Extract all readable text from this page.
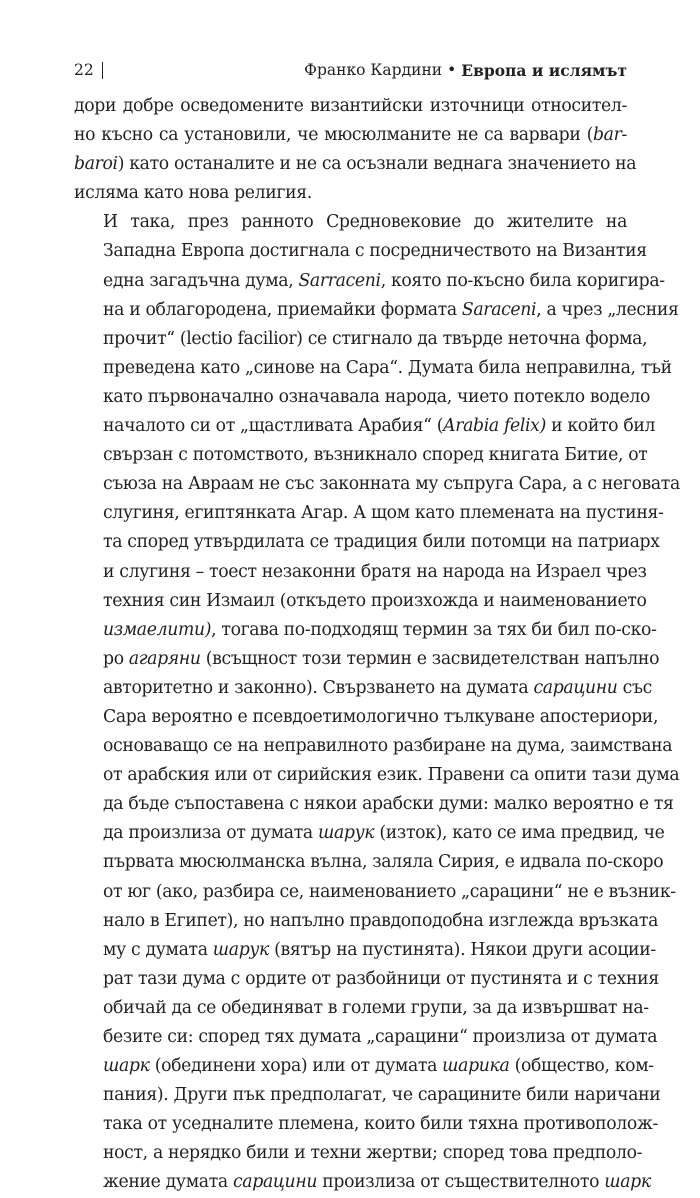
22	Франко Кардини • Европа и ислямът

дори добре осведомените византийски източници относител-
но късно са установили, че мюсюлманите не са варвари (bar-
baroi) като останалите и не са осъзнали веднага значението на
исляма като нова религия.

И така, през ранното Средновековие до жителите на
Западна Европа достигнала с посредничеството на Византия
една загадъчна дума, Sarraceni, която по-късно била коригира-
на и облагородена, приемайки формата Saraceni, а чрез „лесния
прочит“ (lectio facilior) се стигнало да твърде неточна форма,
преведена като „синове на Сара“. Думата била неправилна, тъй
като първоначално означавала народа, чието потекло водело
началото си от „щастливата Арабия“ (Arabia felix) и който бил
свързан с потомството, възникнало според книгата Битие, от
съюза на Авраам не със законната му съпруга Сара, а с неговата
слугиня, египтянката Агар. А щом като племената на пустиня-
та според утвърдилата се традиция били потомци на патриарх
и слугиня – тоест незаконни братя на народа на Израел чрез
техния син Измаил (откъдето произхожда и наименованието
измаелити), тогава по-подходящ термин за тях би бил по-ско-
ро агаряни (всъщност този термин е засвидетелстван напълно
авторитетно и законно). Свързването на думата сарацини със
Сара вероятно е псевдоетимологично тълкуване апостериори,
основаващо се на неправилното разбиране на дума, заимствана
от арабския или от сирийския език. Правени са опити тази дума
да бъде съпоставена с някои арабски думи: малко вероятно е тя
да произлиза от думата шарук (изток), като се има предвид, че
първата мюсюлманска вълна, заляла Сирия, е идвала по-скоро
от юг (ако, разбира се, наименованието „сарацини“ не е възник-
нало в Египет), но напълно правдоподобна изглежда връзката
му с думата шарук (вятър на пустинята). Някои други асоции-
рат тази дума с ордите от разбойници от пустинята и с техния
обичай да се обединяват в големи групи, за да извършват на-
безите си: според тях думата „сарацини“ произлиза от думата
шарк (обединени хора) или от думата шарика (общество, ком-
пания). Други пък предполагат, че сарацините били наричани
така от уседналите племена, които били тяхна противополож-
ност, а нерядко били и техни жертви; според това предполо-
жение думата сарацини произлиза от съществителното шарк
